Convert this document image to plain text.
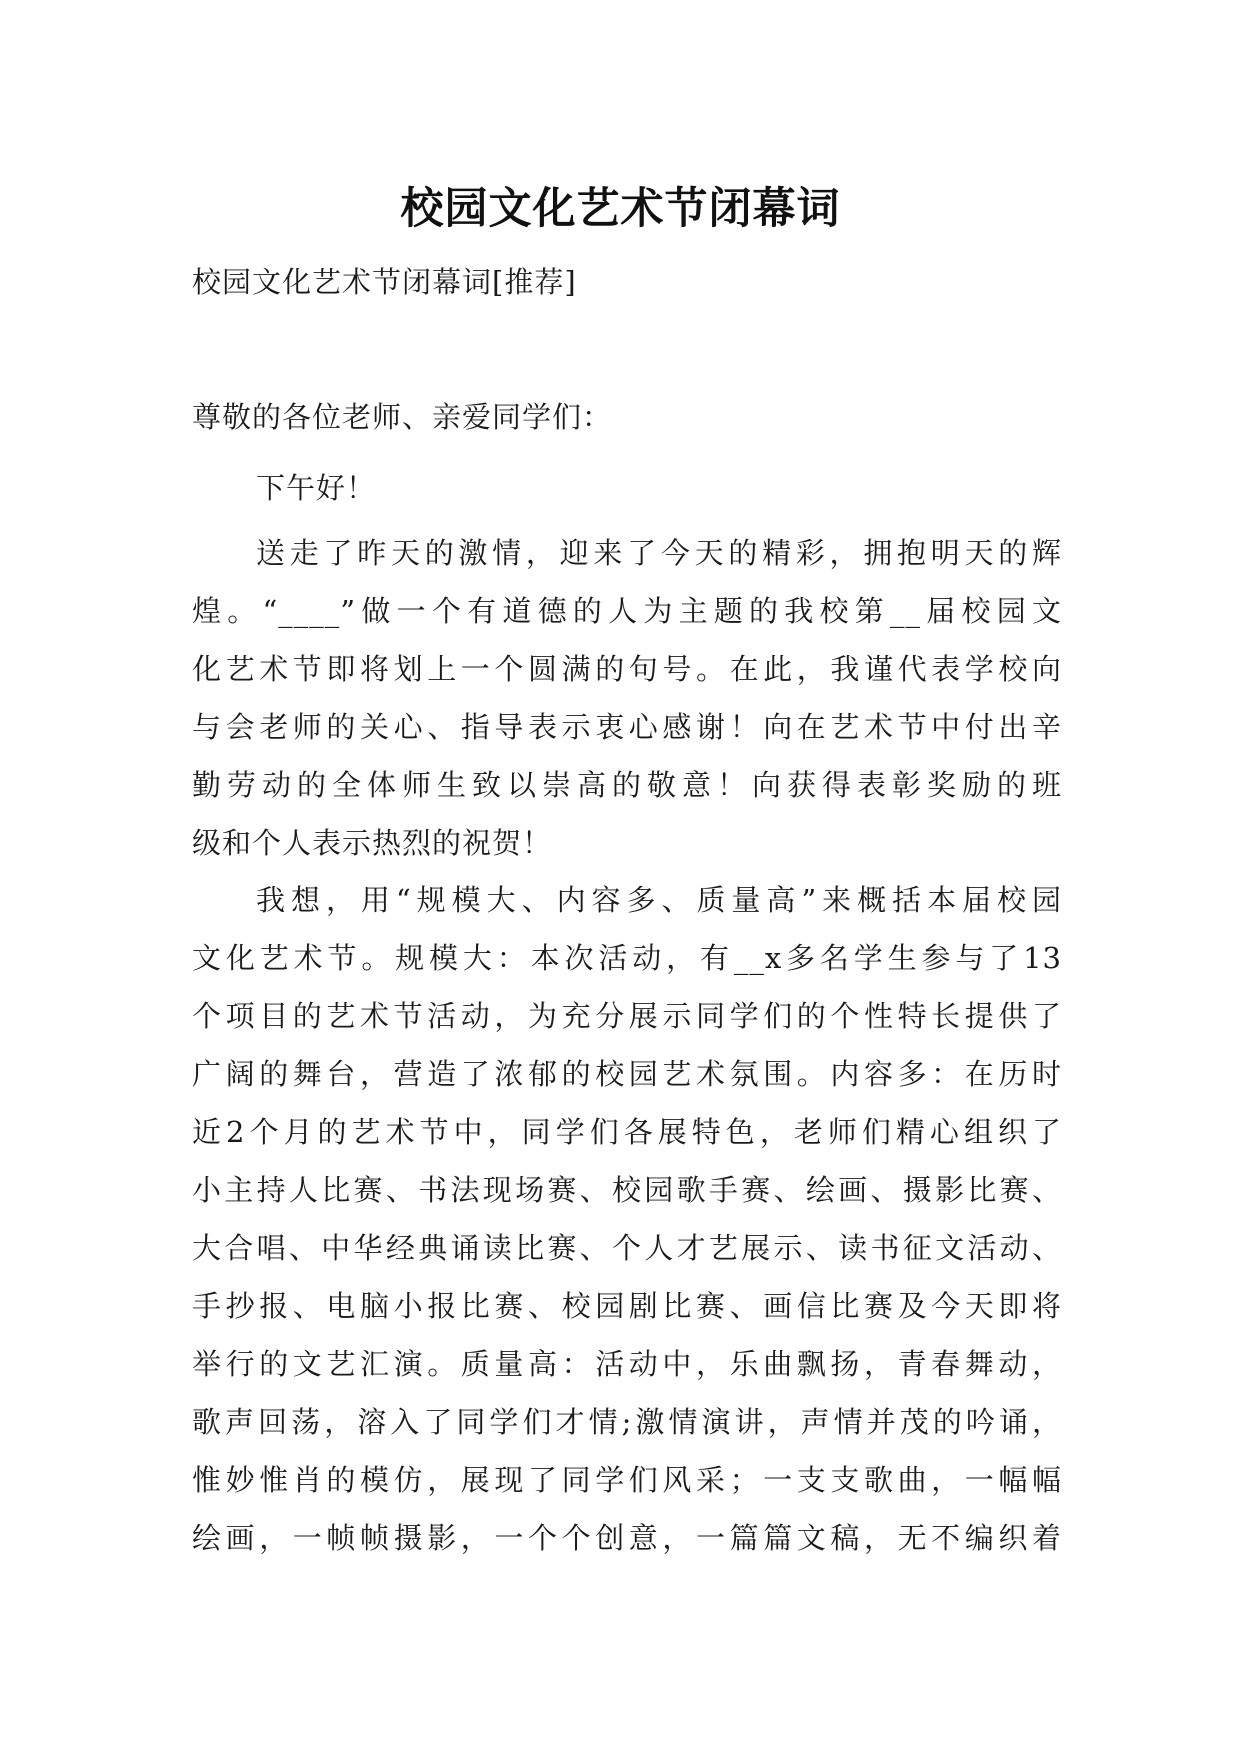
校园文化艺术节闭幕词
校园文化艺术节闭幕词[推荐]
尊敬的各位老师、亲爱同学们：
下午好！
送走了昨天的激情，迎来了今天的精彩，拥抱明天的辉
煌。“____”做一个有道德的人为主题的我校第__届校园文
化艺术节即将划上一个圆满的句号。在此，我谨代表学校向
与会老师的关心、指导表示衷心感谢！向在艺术节中付出辛
勤劳动的全体师生致以崇高的敬意！向获得表彰奖励的班
级和个人表示热烈的祝贺！
我想，用“规模大、内容多、质量高”来概括本届校园
文化艺术节。规模大：本次活动，有__x多名学生参与了13
个项目的艺术节活动，为充分展示同学们的个性特长提供了
广阔的舞台，营造了浓郁的校园艺术氛围。内容多：在历时
近2个月的艺术节中，同学们各展特色，老师们精心组织了
小主持人比赛、书法现场赛、校园歌手赛、绘画、摄影比赛、
大合唱、中华经典诵读比赛、个人才艺展示、读书征文活动、
手抄报、电脑小报比赛、校园剧比赛、画信比赛及今天即将
举行的文艺汇演。质量高：活动中，乐曲飘扬，青春舞动，
歌声回荡，溶入了同学们才情;激情演讲，声情并茂的吟诵，
惟妙惟肖的模仿，展现了同学们风采；一支支歌曲，一幅幅
绘画，一帧帧摄影，一个个创意，一篇篇文稿，无不编织着
